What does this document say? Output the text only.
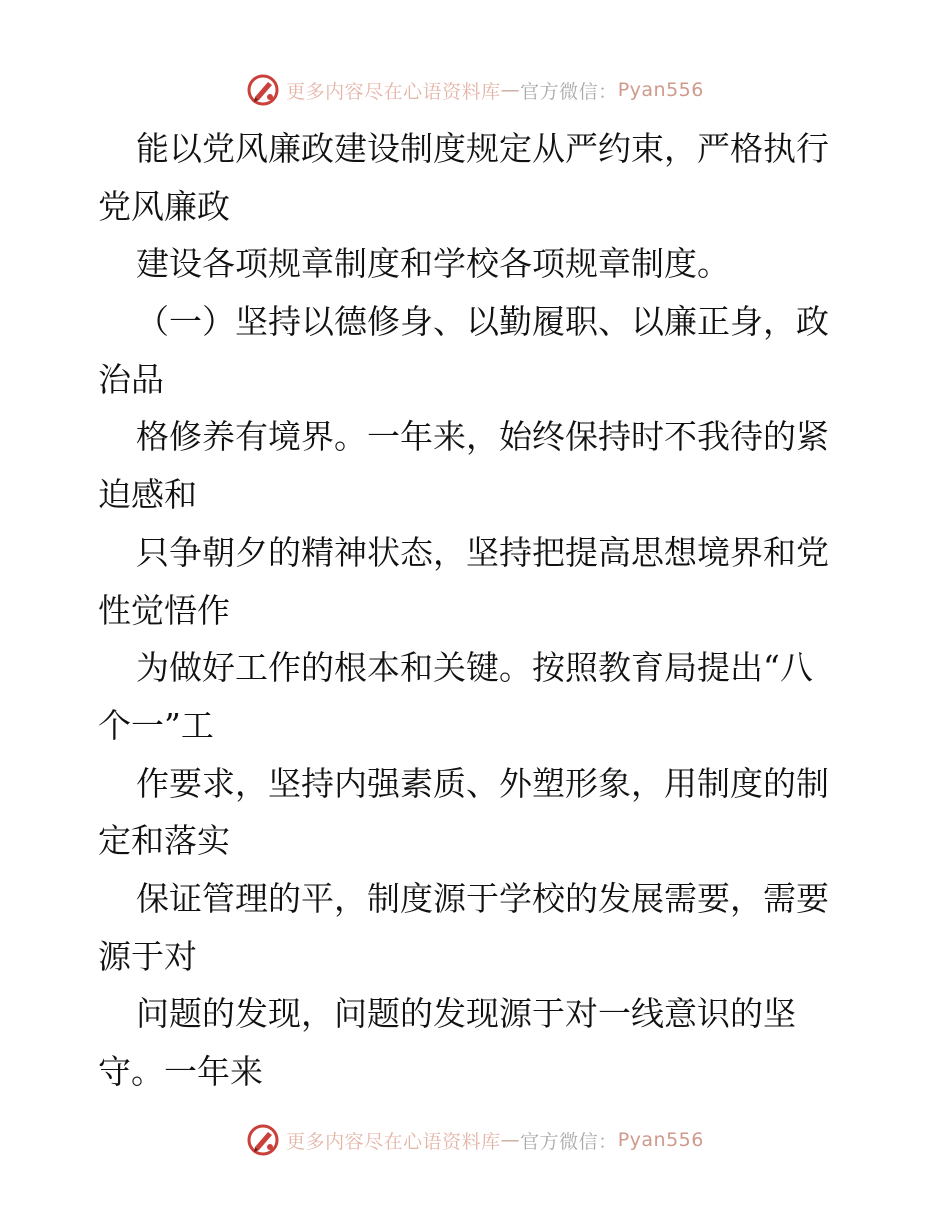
更多内容尽在心语资料库 — 官方微信： Pyan556
能以党风廉政建设制度规定从严约束，严格执行
党风廉政
建设各项规章制度和学校各项规章制度。
（一）坚持以德修身、以勤履职、以廉正身，政
治品
格修养有境界。一年来，始终保持时不我待的紧
迫感和
只争朝夕的精神状态，坚持把提高思想境界和党
性觉悟作
为做好工作的根本和关键。按照教育局提出“八
个一”工
作要求，坚持内强素质、外塑形象，用制度的制
定和落实
保证管理的平，制度源于学校的发展需要，需要
源于对
问题的发现，问题的发现源于对一线意识的坚
守。一年来
更多内容尽在心语资料库 — 官方微信： Pyan556
